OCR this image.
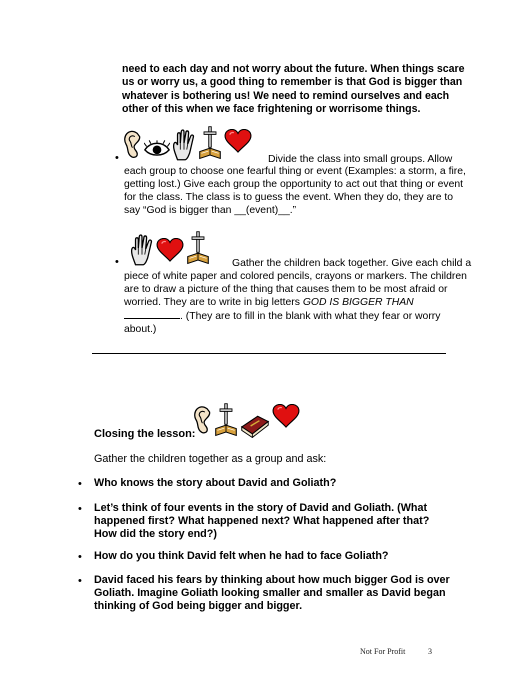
need to each day and not worry about the future. When things scare us or worry us, a good thing to remember is that God is bigger than whatever is bothering us! We need to remind ourselves and each other of this when we face frightening or worrisome things.
•	Divide the class into small groups. Allow
each group to choose one fearful thing or event (Examples: a storm, a fire, getting lost.) Give each group the opportunity to act out that thing or event for the class. The class is to guess the event. When they do, they are to say “God is bigger than __(event)__.”
•	Gather the children back together. Give each child a
piece of white paper and colored pencils, crayons or markers. The children are to draw a picture of the thing that causes them to be most afraid or worried. They are to write in big letters GOD IS BIGGER THAN . (They are to fill in the blank with what they fear or worry about.)
Closing the lesson:
Gather the children together as a group and ask:
• Who knows the story about David and Goliath?
• Let’s think of four events in the story of David and Goliath. (What happened first? What happened next? What happened after that? How did the story end?)
• How do you think David felt when he had to face Goliath?
• David faced his fears by thinking about how much bigger God is over Goliath. Imagine Goliath looking smaller and smaller as David began thinking of God being bigger and bigger.
Not For Profit	3
